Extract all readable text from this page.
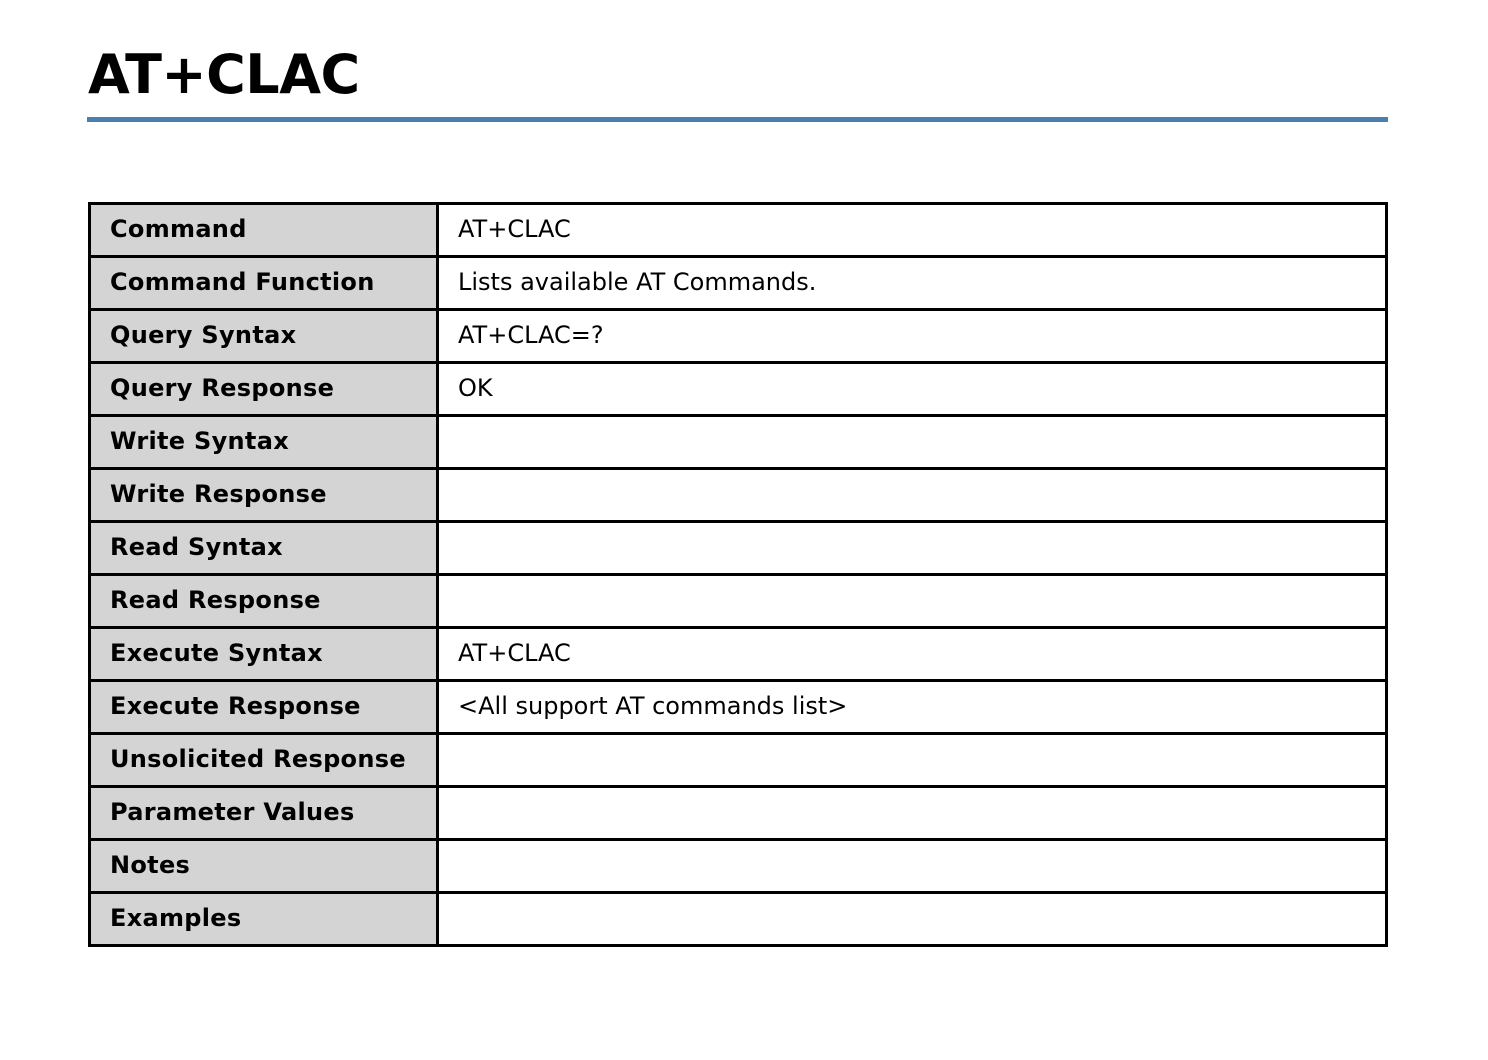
AT+CLAC
Command	AT+CLAC

Command Function	Lists available AT Commands.

Query Syntax	AT+CLAC=?

Query Response	OK

Write Syntax	

Write Response	

Read Syntax	

Read Response	

Execute Syntax	AT+CLAC

Execute Response	<All support AT commands list>

Unsolicited Response	

Parameter Values	

Notes	

Examples	
